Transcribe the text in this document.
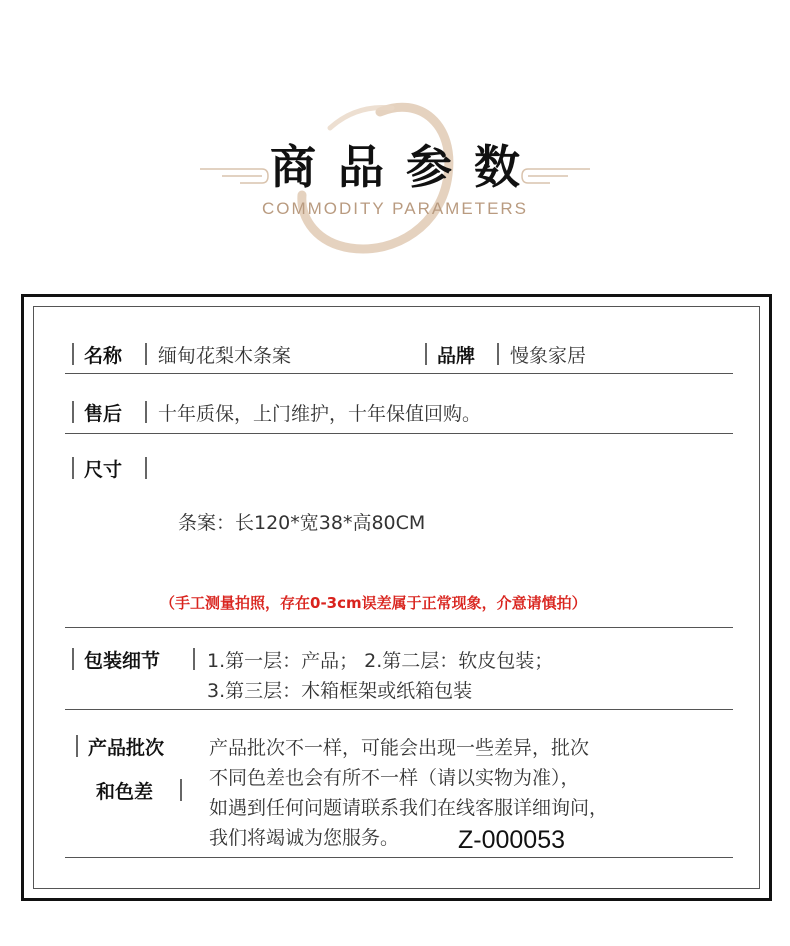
商品参数
COMMODITY PARAMETERS
名称 缅甸花梨木条案	品牌 慢象家居
售后 十年质保，上门维护，十年保值回购。
尺寸
条案：长120*宽38*高80CM
（手工测量拍照，存在0-3cm误差属于正常现象，介意请慎拍）
包装细节 1.第一层：产品； 2.第二层：软皮包装；
3.第三层：木箱框架或纸箱包装
产品批次
和色差
产品批次不一样，可能会出现一些差异，批次
不同色差也会有所不一样（请以实物为准），
如遇到任何问题请联系我们在线客服详细询问，
我们将竭诚为您服务。 Z-000053
